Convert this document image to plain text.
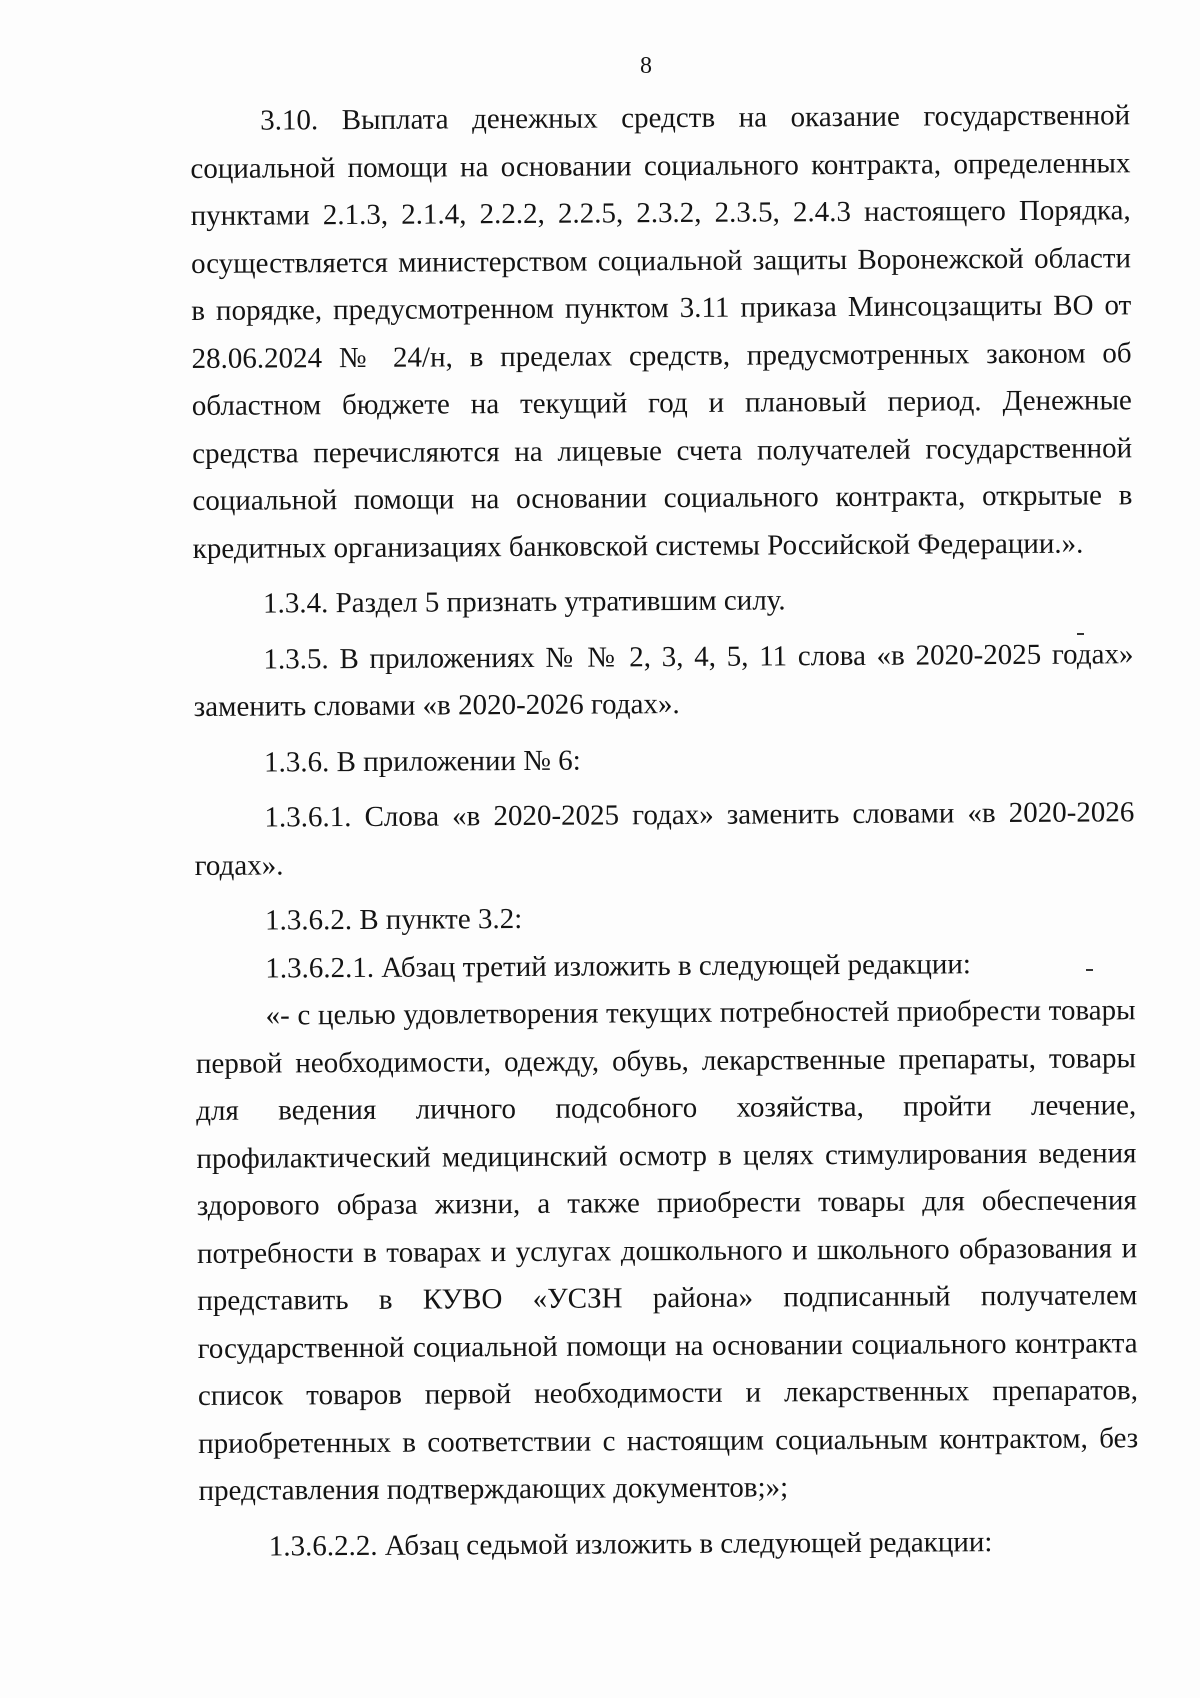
8

3.10. Выплата денежных средств на оказание государственной социальной помощи на основании социального контракта, определенных пунктами 2.1.3, 2.1.4, 2.2.2, 2.2.5, 2.3.2, 2.3.5, 2.4.3 настоящего Порядка, осуществляется министерством социальной защиты Воронежской области в порядке, предусмотренном пунктом 3.11 приказа Минсоцзащиты ВО от 28.06.2024 № 24/н, в пределах средств, предусмотренных законом об областном бюджете на текущий год и плановый период. Денежные средства перечисляются на лицевые счета получателей государственной социальной помощи на основании социального контракта, открытые в кредитных организациях банковской системы Российской Федерации.».

1.3.4. Раздел 5 признать утратившим силу.

1.3.5. В приложениях № № 2, 3, 4, 5, 11 слова «в 2020-2025 годах» заменить словами «в 2020-2026 годах».

1.3.6. В приложении № 6:

1.3.6.1. Слова «в 2020-2025 годах» заменить словами «в 2020-2026 годах».

1.3.6.2. В пункте 3.2:

1.3.6.2.1. Абзац третий изложить в следующей редакции:

«- с целью удовлетворения текущих потребностей приобрести товары первой необходимости, одежду, обувь, лекарственные препараты, товары для ведения личного подсобного хозяйства, пройти лечение, профилактический медицинский осмотр в целях стимулирования ведения здорового образа жизни, а также приобрести товары для обеспечения потребности в товарах и услугах дошкольного и школьного образования и представить в КУВО «УСЗН района» подписанный получателем государственной социальной помощи на основании социального контракта список товаров первой необходимости и лекарственных препаратов, приобретенных в соответствии с настоящим социальным контрактом, без представления подтверждающих документов;»;

1.3.6.2.2. Абзац седьмой изложить в следующей редакции:
